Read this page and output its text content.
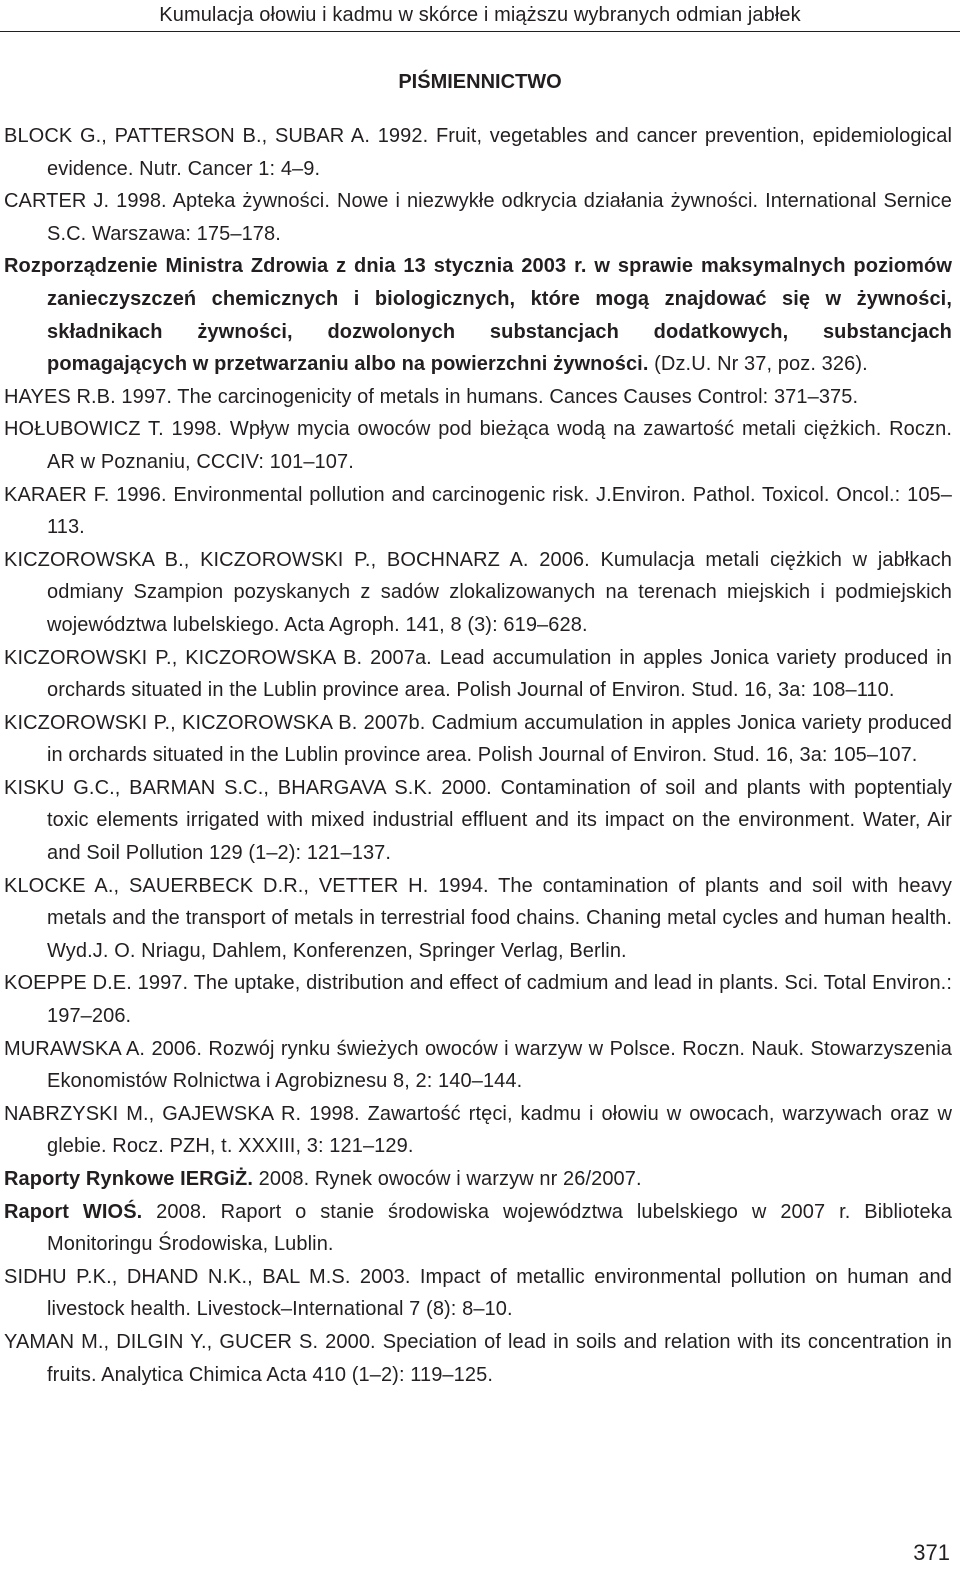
Kumulacja ołowiu i kadmu w skórce i miąższu wybranych odmian jabłek
PIŚMIENNICTWO

BLOCK G., PATTERSON B., SUBAR A. 1992. Fruit, vegetables and cancer prevention, epidemiological evidence. Nutr. Cancer 1: 4–9.

CARTER J. 1998. Apteka żywności. Nowe i niezwykłe odkrycia działania żywności. International Sernice S.C. Warszawa: 175–178.

Rozporządzenie Ministra Zdrowia z dnia 13 stycznia 2003 r. w sprawie maksymalnych poziomów zanieczyszczeń chemicznych i biologicznych, które mogą znajdować się w żywności, składnikach żywności, dozwolonych substancjach dodatkowych, substancjach pomagających w przetwarzaniu albo na powierzchni żywności. (Dz.U. Nr 37, poz. 326).

HAYES R.B. 1997. The carcinogenicity of metals in humans. Cances Causes Control: 371–375.

HOŁUBOWICZ T. 1998. Wpływ mycia owoców pod bieżąca wodą na zawartość metali ciężkich. Roczn. AR w Poznaniu, CCCIV: 101–107.

KARAER F. 1996. Environmental pollution and carcinogenic risk. J.Environ. Pathol. Toxicol. Oncol.: 105–113.

KICZOROWSKA B., KICZOROWSKI P., BOCHNARZ A. 2006. Kumulacja metali ciężkich w jabłkach odmiany Szampion pozyskanych z sadów zlokalizowanych na terenach miejskich i podmiejskich województwa lubelskiego. Acta Agroph. 141, 8 (3): 619–628.

KICZOROWSKI P., KICZOROWSKA B. 2007a. Lead accumulation in apples Jonica variety produced in orchards situated in the Lublin province area. Polish Journal of Environ. Stud. 16, 3a: 108–110.

KICZOROWSKI P., KICZOROWSKA B. 2007b. Cadmium accumulation in apples Jonica variety produced in orchards situated in the Lublin province area. Polish Journal of Environ. Stud. 16, 3a: 105–107.

KISKU G.C., BARMAN S.C., BHARGAVA S.K. 2000. Contamination of soil and plants with poptentialy toxic elements irrigated with mixed industrial effluent and its impact on the environment. Water, Air and Soil Pollution 129 (1–2): 121–137.

KLOCKE A., SAUERBECK D.R., VETTER H. 1994. The contamination of plants and soil with heavy metals and the transport of metals in terrestrial food chains. Chaning metal cycles and human health. Wyd.J. O. Nriagu, Dahlem, Konferenzen, Springer Verlag, Berlin.

KOEPPE D.E. 1997. The uptake, distribution and effect of cadmium and lead in plants. Sci. Total Environ.: 197–206.

MURAWSKA A. 2006. Rozwój rynku świeżych owoców i warzyw w Polsce. Roczn. Nauk. Stowarzyszenia Ekonomistów Rolnictwa i Agrobiznesu 8, 2: 140–144.

NABRZYSKI M., GAJEWSKA R. 1998. Zawartość rtęci, kadmu i ołowiu w owocach, warzywach oraz w glebie. Rocz. PZH, t. XXXIII, 3: 121–129.

Raporty Rynkowe IERGiŻ. 2008. Rynek owoców i warzyw nr 26/2007.

Raport WIOŚ. 2008. Raport o stanie środowiska województwa lubelskiego w 2007 r. Biblioteka Monitoringu Środowiska, Lublin.

SIDHU P.K., DHAND N.K., BAL M.S. 2003. Impact of metallic environmental pollution on human and livestock health. Livestock–International 7 (8): 8–10.

YAMAN M., DILGIN Y., GUCER S. 2000. Speciation of lead in soils and relation with its concentration in fruits. Analytica Chimica Acta 410 (1–2): 119–125.

371
